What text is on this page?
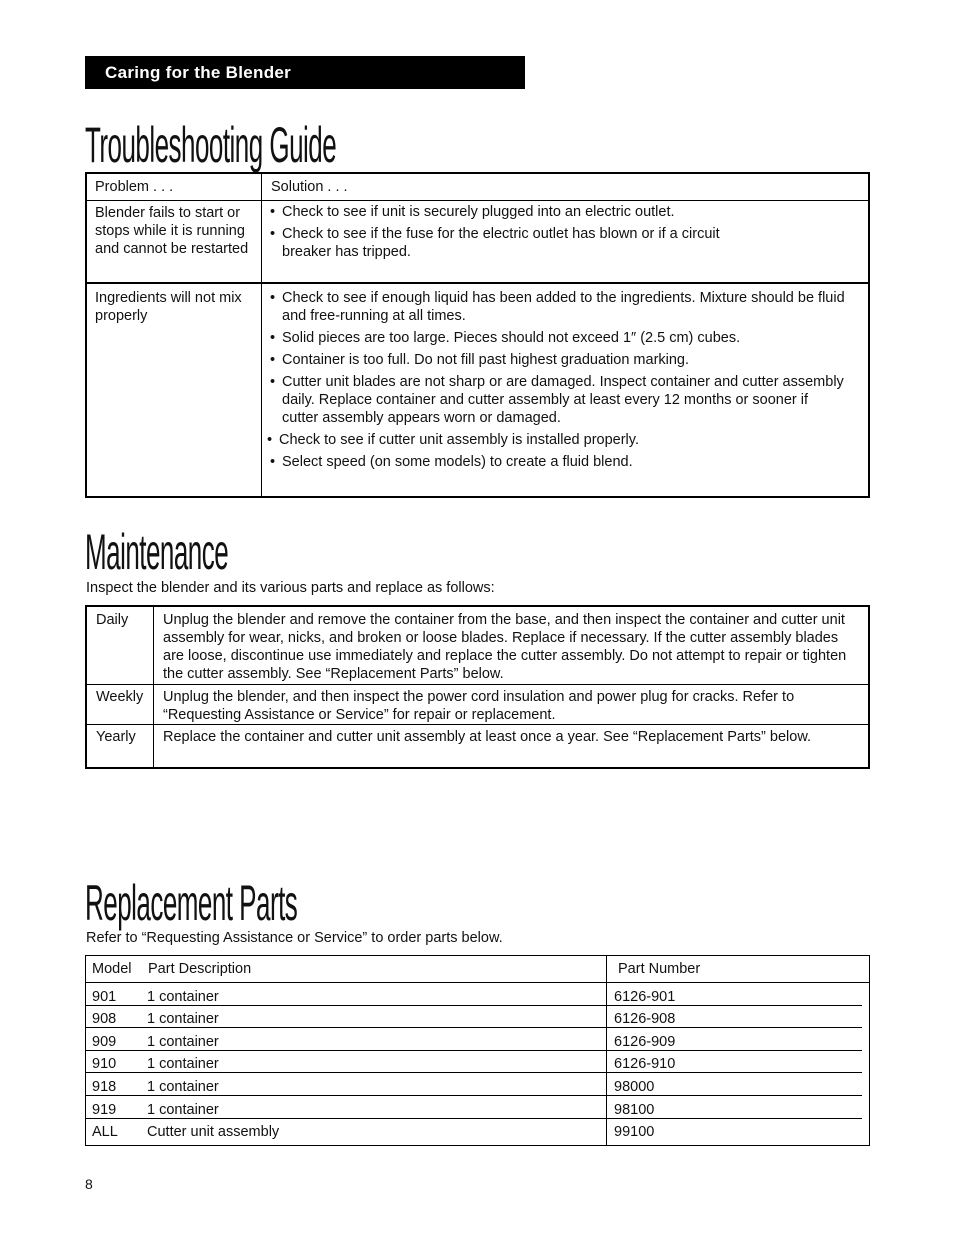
Caring for the Blender
Troubleshooting Guide
Problem . . .	Solution . . .
Blender fails to start or stops while it is running and cannot be restarted
• Check to see if unit is securely plugged into an electric outlet.
• Check to see if the fuse for the electric outlet has blown or if a circuit breaker has tripped.
Ingredients will not mix properly
• Check to see if enough liquid has been added to the ingredients. Mixture should be fluid and free-running at all times.
• Solid pieces are too large. Pieces should not exceed 1″ (2.5 cm) cubes.
• Container is too full. Do not fill past highest graduation marking.
• Cutter unit blades are not sharp or are damaged. Inspect container and cutter assembly daily. Replace container and cutter assembly at least every 12 months or sooner if cutter assembly appears worn or damaged.
• Check to see if cutter unit assembly is installed properly.
• Select speed (on some models) to create a fluid blend.
Maintenance

Inspect the blender and its various parts and replace as follows:

Daily Unplug the blender and remove the container from the base, and then inspect the container and cutter unit assembly for wear, nicks, and broken or loose blades. Replace if necessary. If the cutter assembly blades are loose, discontinue use immediately and replace the cutter assembly. Do not attempt to repair or tighten the cutter assembly. See “Replacement Parts” below.
Weekly Unplug the blender, and then inspect the power cord insulation and power plug for cracks. Refer to “Requesting Assistance or Service” for repair or replacement.
Yearly Replace the container and cutter unit assembly at least once a year. See “Replacement Parts” below.
Replacement Parts

Refer to “Requesting Assistance or Service” to order parts below.

Model Part Description	Part Number
901 1 container	6126-901
908 1 container	6126-908
909 1 container	6126-909
910 1 container	6126-910
918 1 container	98000
919 1 container	98100
ALL Cutter unit assembly	99100
8
